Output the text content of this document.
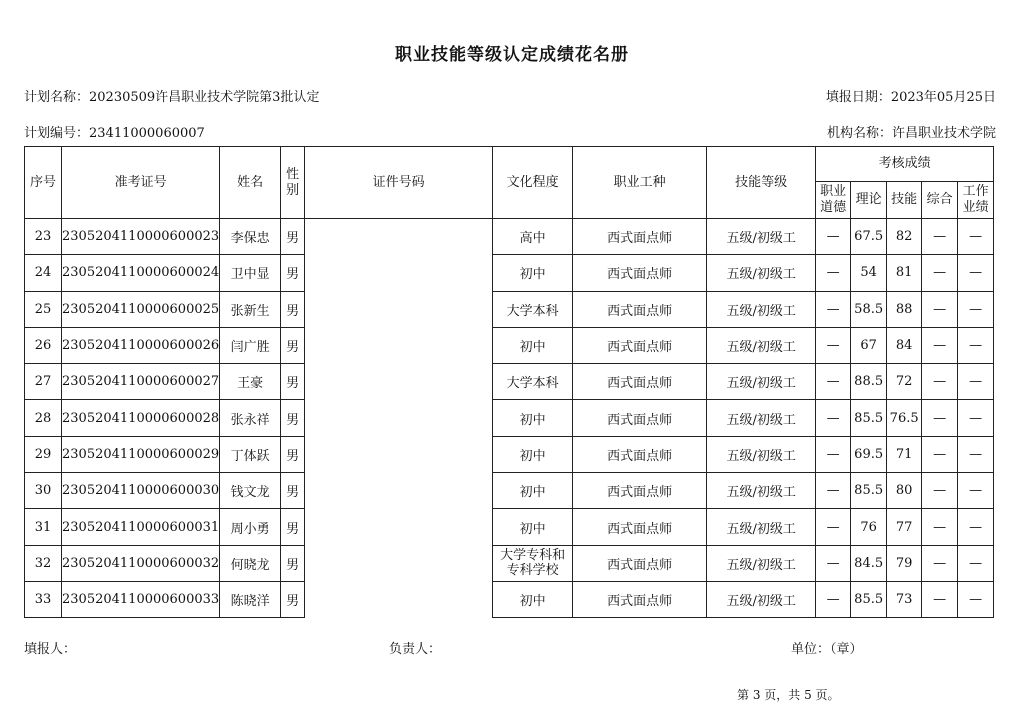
职业技能等级认定成绩花名册
计划名称：20230509许昌职业技术学院第3批认定	填报日期：2023年05月25日
计划编号：23411000060007	机构名称：许昌职业技术学院
序号	准考证号	姓名	性别	证件号码	文化程度	职业工种	技能等级	考核成绩				
								职业道德	理论	技能	综合	工作业绩
23	2305204110000600023	李保忠	男		高中	西式面点师	五级/初级工	—	67.5	82	—	—
24	2305204110000600024	卫中显	男		初中	西式面点师	五级/初级工	—	54	81	—	—
25	2305204110000600025	张新生	男		大学本科	西式面点师	五级/初级工	—	58.5	88	—	—
26	2305204110000600026	闫广胜	男		初中	西式面点师	五级/初级工	—	67	84	—	—
27	2305204110000600027	王豪	男		大学本科	西式面点师	五级/初级工	—	88.5	72	—	—
28	2305204110000600028	张永祥	男		初中	西式面点师	五级/初级工	—	85.5	76.5	—	—
29	2305204110000600029	丁体跃	男		初中	西式面点师	五级/初级工	—	69.5	71	—	—
30	2305204110000600030	钱文龙	男		初中	西式面点师	五级/初级工	—	85.5	80	—	—
31	2305204110000600031	周小勇	男		初中	西式面点师	五级/初级工	—	76	77	—	—
32	2305204110000600032	何晓龙	男		大学专科和专科学校	西式面点师	五级/初级工	—	84.5	79	—	—
33	2305204110000600033	陈晓洋	男		初中	西式面点师	五级/初级工	—	85.5	73	—	—
填报人：	负责人：	单位：（章）
第 3 页，共 5 页。
